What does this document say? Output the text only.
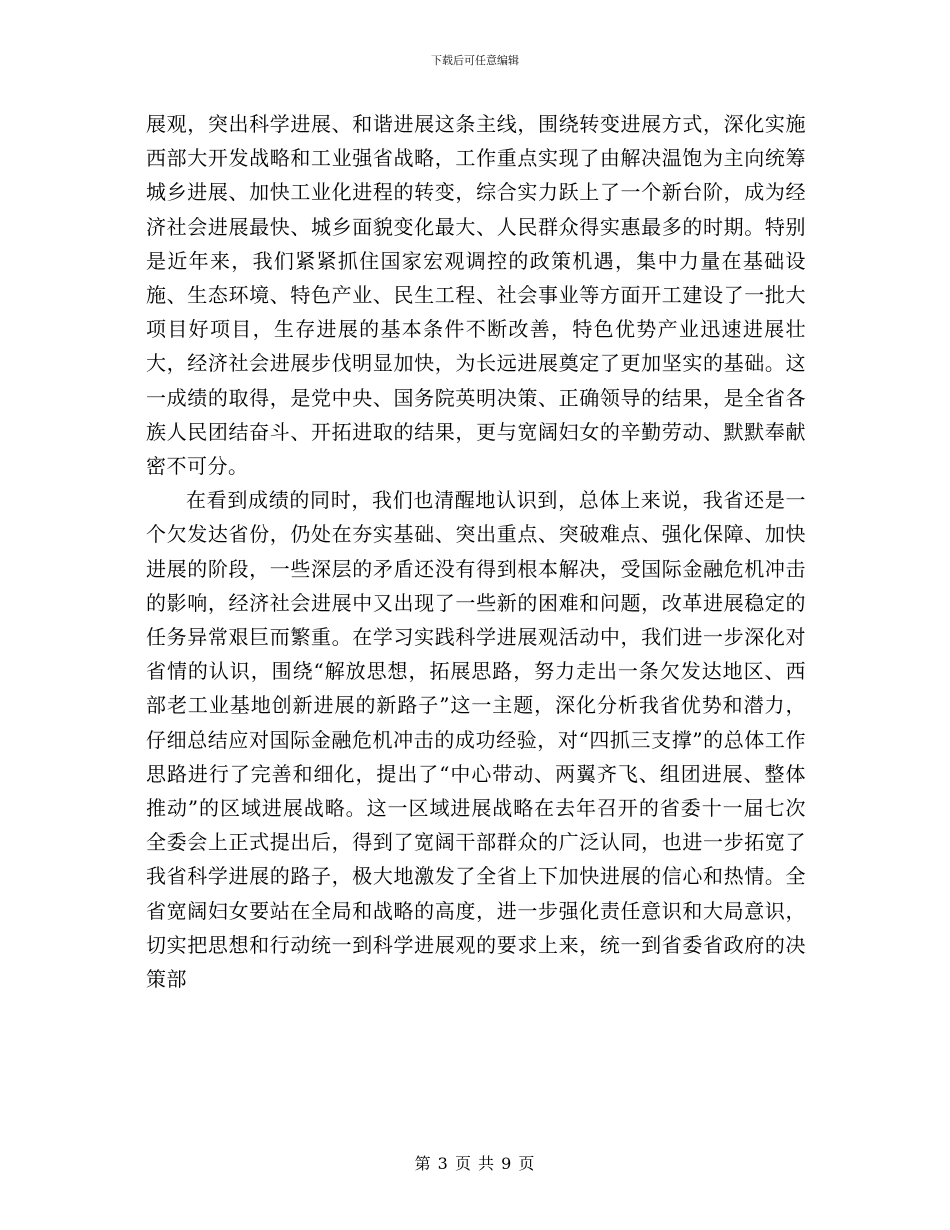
下载后可任意编辑

展观，突出科学进展、和谐进展这条主线，围绕转变进展方式，深化实施西部大开发战略和工业强省战略，工作重点实现了由解决温饱为主向统筹城乡进展、加快工业化进程的转变，综合实力跃上了一个新台阶，成为经济社会进展最快、城乡面貌变化最大、人民群众得实惠最多的时期。特别是近年来，我们紧紧抓住国家宏观调控的政策机遇，集中力量在基础设施、生态环境、特色产业、民生工程、社会事业等方面开工建设了一批大项目好项目，生存进展的基本条件不断改善，特色优势产业迅速进展壮大，经济社会进展步伐明显加快，为长远进展奠定了更加坚实的基础。这一成绩的取得，是党中央、国务院英明决策、正确领导的结果，是全省各族人民团结奋斗、开拓进取的结果，更与宽阔妇女的辛勤劳动、默默奉献密不可分。

在看到成绩的同时，我们也清醒地认识到，总体上来说，我省还是一个欠发达省份，仍处在夯实基础、突出重点、突破难点、强化保障、加快进展的阶段，一些深层的矛盾还没有得到根本解决，受国际金融危机冲击的影响，经济社会进展中又出现了一些新的困难和问题，改革进展稳定的任务异常艰巨而繁重。在学习实践科学进展观活动中，我们进一步深化对省情的认识，围绕“解放思想，拓展思路，努力走出一条欠发达地区、西部老工业基地创新进展的新路子”这一主题，深化分析我省优势和潜力，仔细总结应对国际金融危机冲击的成功经验，对“四抓三支撑”的总体工作思路进行了完善和细化，提出了“中心带动、两翼齐飞、组团进展、整体推动”的区域进展战略。这一区域进展战略在去年召开的省委十一届七次全委会上正式提出后，得到了宽阔干部群众的广泛认同，也进一步拓宽了我省科学进展的路子，极大地激发了全省上下加快进展的信心和热情。全省宽阔妇女要站在全局和战略的高度，进一步强化责任意识和大局意识，切实把思想和行动统一到科学进展观的要求上来，统一到省委省政府的决策部

第 3 页 共 9 页
